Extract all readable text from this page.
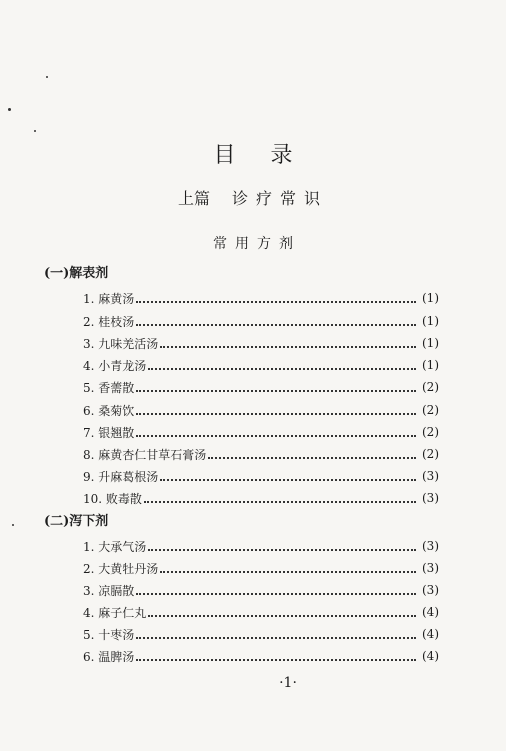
目 录
上篇 诊疗常识
常用方剂
(一)解表剂
1. 麻黄汤	(1)
2. 桂枝汤	(1)
3. 九味羌活汤	(1)
4. 小青龙汤	(1)
5. 香薷散	(2)
6. 桑菊饮	(2)
7. 银翘散	(2)
8. 麻黄杏仁甘草石膏汤	(2)
9. 升麻葛根汤	(3)
10. 败毒散	(3)
(二)泻下剂
1. 大承气汤	(3)
2. 大黄牡丹汤	(3)
3. 凉膈散	(3)
4. 麻子仁丸	(4)
5. 十枣汤	(4)
6. 温脾汤	(4)
·1·
